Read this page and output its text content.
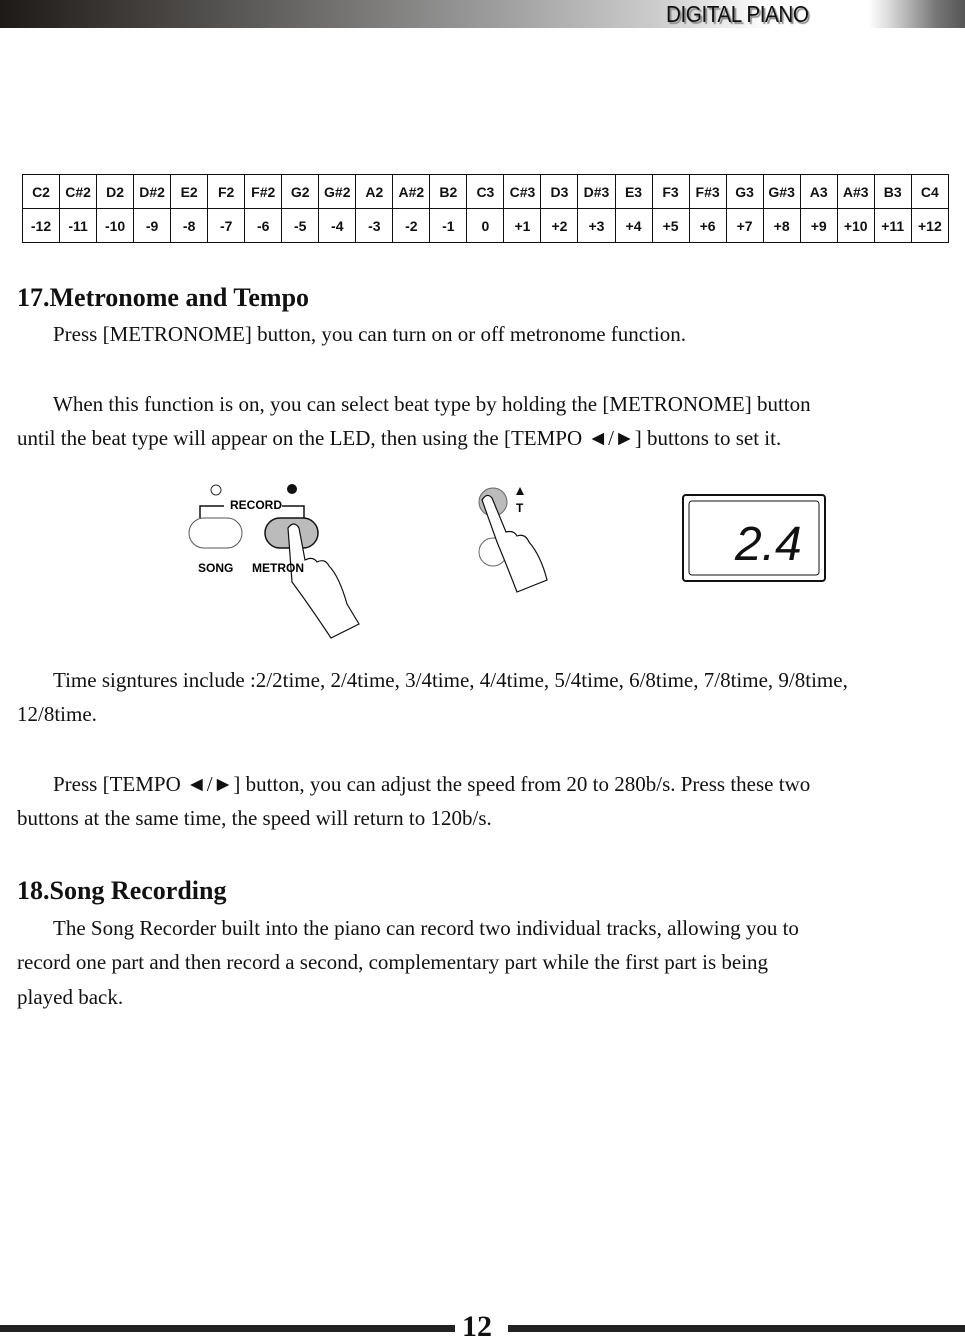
DIGITAL PIANO
C2	C#2	D2	D#2	E2	F2	F#2	G2	G#2	A2	A#2	B2	C3	C#3	D3	D#3	E3	F3	F#3	G3	G#3	A3	A#3	B3	C4
-12	-11	-10	-9	-8	-7	-6	-5	-4	-3	-2	-1	0	+1	+2	+3	+4	+5	+6	+7	+8	+9	+10	+11	+12
17.Metronome and Tempo

Press [METRONOME] button, you can turn on or off metronome function.

When this function is on, you can select beat type by holding the [METRONOME] button

until the beat type will appear on the LED, then using the [TEMPO ◄/►] buttons to set it.

RECORD
SONG METRON
T
2.4

Time signtures include :2/2time, 2/4time, 3/4time, 4/4time, 5/4time, 6/8time, 7/8time, 9/8time,

12/8time.

Press [TEMPO ◄/►] button, you can adjust the speed from 20 to 280b/s. Press these two

buttons at the same time, the speed will return to 120b/s.

18.Song Recording

The Song Recorder built into the piano can record two individual tracks, allowing you to

record one part and then record a second, complementary part while the first part is being

played back.

12
